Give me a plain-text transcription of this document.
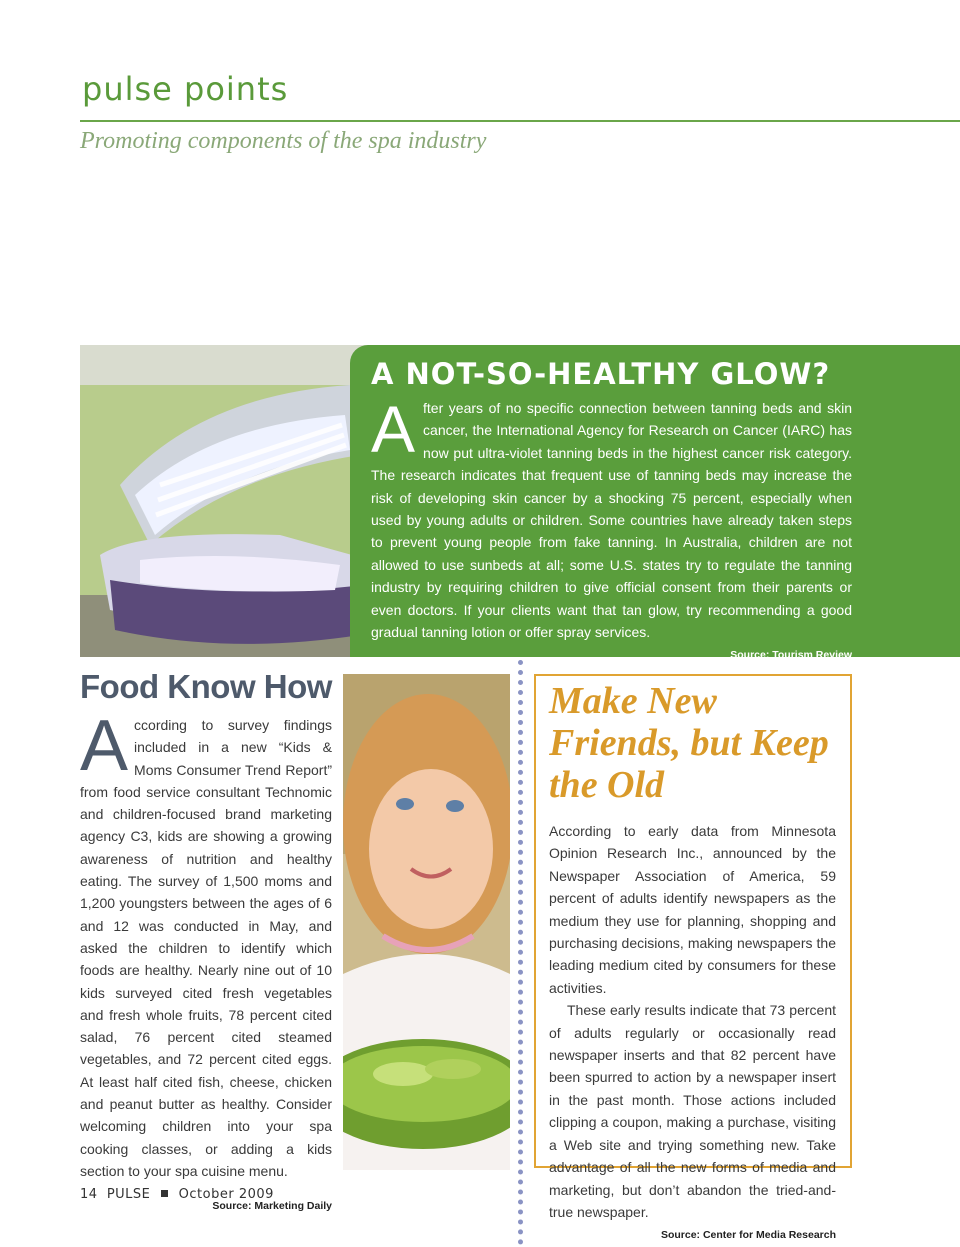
pulse points
Promoting components of the spa industry
A NOT-SO-HEALTHY GLOW?

After years of no specific connection between tanning beds and skin cancer, the International Agency for Research on Cancer (IARC) has now put ultra-violet tanning beds in the highest cancer risk category. The research indicates that frequent use of tanning beds may increase the risk of developing skin cancer by a shocking 75 percent, especially when used by young adults or children. Some countries have already taken steps to prevent young people from fake tanning. In Australia, children are not allowed to use sunbeds at all; some U.S. states try to regulate the tanning industry by requiring children to give official consent from their parents or even doctors. If your clients want that tan glow, try recommending a good gradual tanning lotion or offer spray services.

Source: Tourism Review
Food Know How

According to survey findings included in a new “Kids & Moms Consumer Trend Report” from food service consultant Technomic and children-focused brand marketing agency C3, kids are showing a growing awareness of nutrition and healthy eating. The survey of 1,500 moms and 1,200 youngsters between the ages of 6 and 12 was conducted in May, and asked the children to identify which foods are healthy. Nearly nine out of 10 kids surveyed cited fresh vegetables and fresh whole fruits, 78 percent cited salad, 76 percent cited steamed vegetables, and 72 percent cited eggs. At least half cited fish, cheese, chicken and peanut butter as healthy. Consider welcoming children into your spa cooking classes, or adding a kids section to your spa cuisine menu.

Source: Marketing Daily
Make New Friends, but Keep the Old

According to early data from Minnesota Opinion Research Inc., announced by the Newspaper Association of America, 59 percent of adults identify newspapers as the medium they use for planning, shopping and purchasing decisions, making newspapers the leading medium cited by consumers for these activities.

These early results indicate that 73 percent of adults regularly or occasionally read newspaper inserts and that 82 percent have been spurred to action by a newspaper insert in the past month. Those actions included clipping a coupon, making a purchase, visiting a Web site and trying something new. Take advantage of all the new forms of media and marketing, but don’t abandon the tried-and-true newspaper.

Source: Center for Media Research
14 PULSE October 2009
